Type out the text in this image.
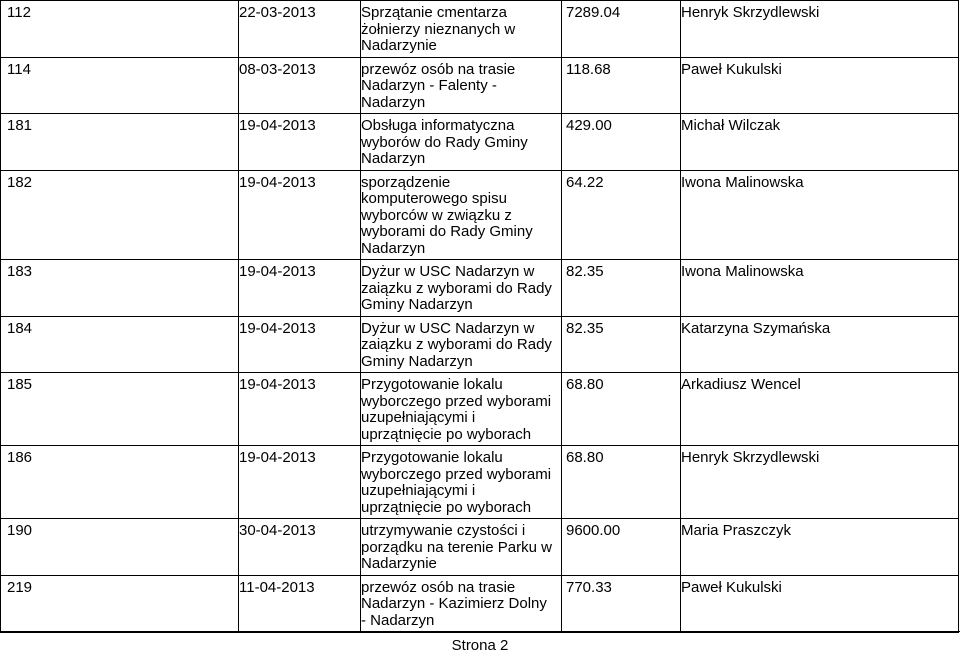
112	22-03-2013	Sprzątanie cmentarza żołnierzy nieznanych w Nadarzynie	7289.04	Henryk Skrzydlewski
114	08-03-2013	przewóz osób na trasie Nadarzyn - Falenty - Nadarzyn	118.68	Paweł Kukulski
181	19-04-2013	Obsługa informatyczna wyborów do Rady Gminy Nadarzyn	429.00	Michał Wilczak
182	19-04-2013	sporządzenie komputerowego spisu wyborców w związku z wyborami do Rady Gminy Nadarzyn	64.22	Iwona Malinowska
183	19-04-2013	Dyżur w USC Nadarzyn w zaiązku z wyborami do Rady Gminy Nadarzyn	82.35	Iwona Malinowska
184	19-04-2013	Dyżur w USC Nadarzyn w zaiązku z wyborami do Rady Gminy Nadarzyn	82.35	Katarzyna Szymańska
185	19-04-2013	Przygotowanie lokalu wyborczego przed wyborami uzupełniającymi i uprzątnięcie po wyborach	68.80	Arkadiusz Wencel
186	19-04-2013	Przygotowanie lokalu wyborczego przed wyborami uzupełniającymi i uprzątnięcie po wyborach	68.80	Henryk Skrzydlewski
190	30-04-2013	utrzymywanie czystości i porządku na terenie Parku w Nadarzynie	9600.00	Maria Praszczyk
219	11-04-2013	przewóz osób na trasie Nadarzyn - Kazimierz Dolny - Nadarzyn	770.33	Paweł Kukulski
Strona 2
